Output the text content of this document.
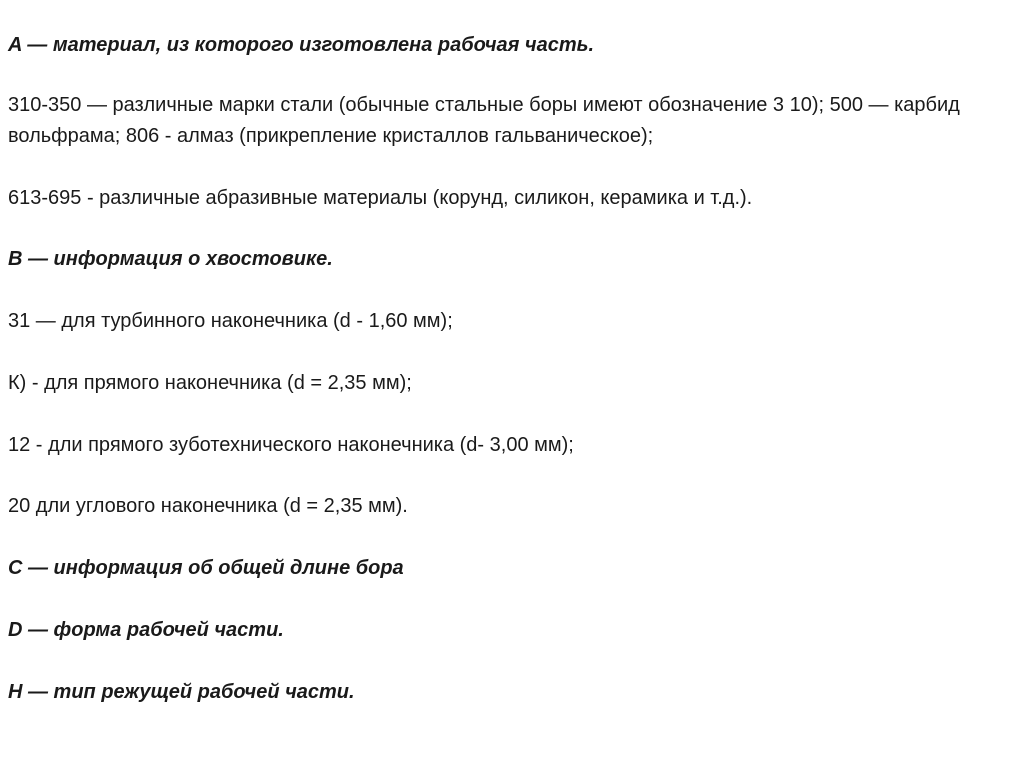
A — материал, из которого изготовлена рабочая часть.

310-350 — различные марки стали (обычные стальные боры имеют обозначение 3 10); 500 — карбид вольфрама; 806 - алмаз (прикрепление кристаллов гальваническое);

613-695 - различные абразивные материалы (корунд, силикон, керамика и т.д.).

B — информация о хвостовике.

31 — для турбинного наконечника (d - 1,60 мм);

К) - для прямого наконечника (d = 2,35 мм);

12 - дли прямого зуботехнического наконечника (d- 3,00 мм);

20 дли углового наконечника (d = 2,35 мм).

C — информация об общей длине бора

D — форма рабочей части.

H — тип режущей рабочей части.
